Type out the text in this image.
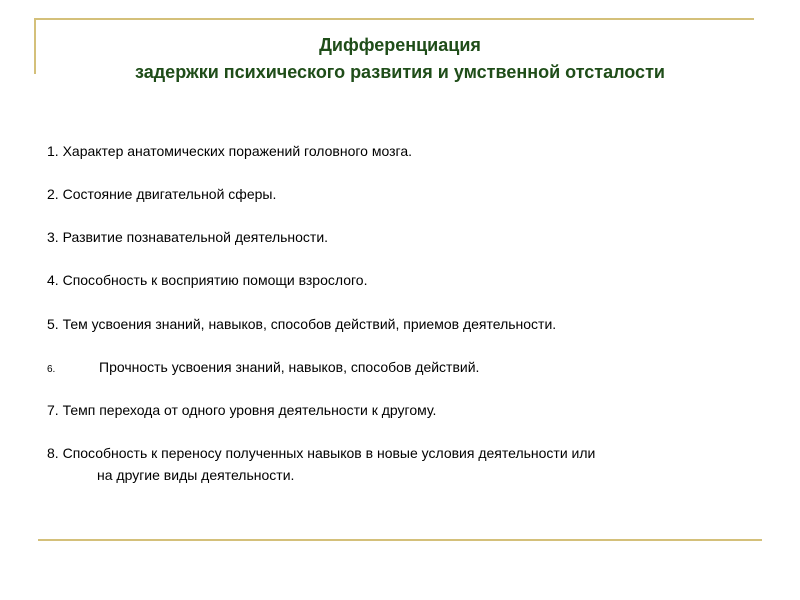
Дифференциация
задержки психического развития и умственной отсталости
1. Характер анатомических поражений головного мозга.
2. Состояние двигательной сферы.
3. Развитие познавательной деятельности.
4. Способность к восприятию помощи взрослого.
5. Тем усвоения знаний, навыков, способов действий, приемов деятельности.
6.	Прочность усвоения знаний, навыков, способов действий.
7. Темп перехода от одного уровня деятельности к другому.
8. Способность к переносу полученных навыков в новые условия деятельности или
на другие виды деятельности.
